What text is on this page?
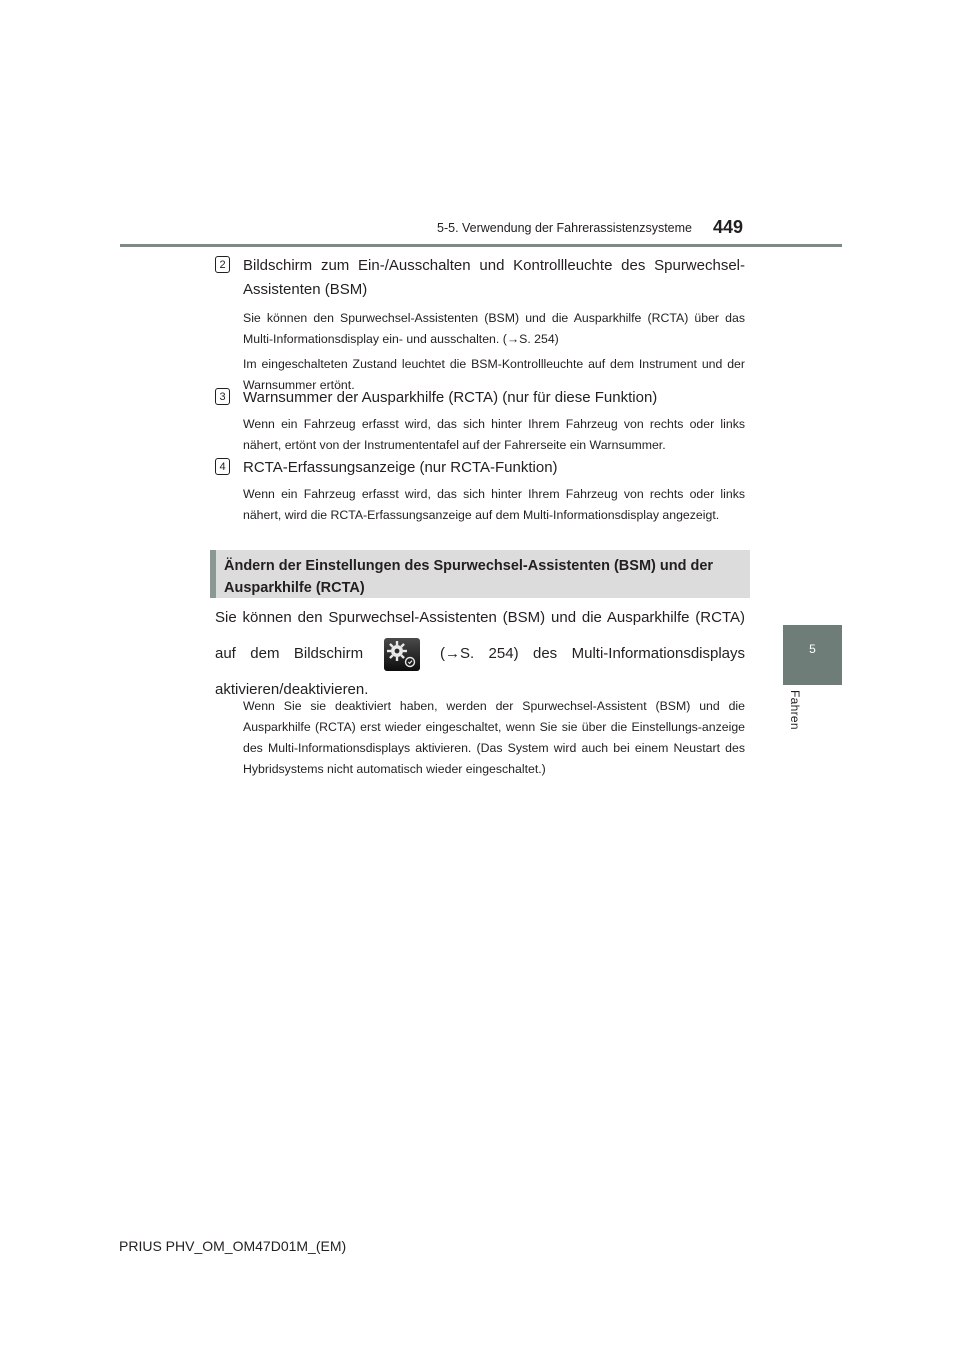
5-5. Verwendung der Fahrerassistenzsysteme 449
5
Fahren
2 Bildschirm zum Ein-/Ausschalten und Kontrollleuchte des Spurwechsel-Assistenten (BSM)
Sie können den Spurwechsel-Assistenten (BSM) und die Ausparkhilfe (RCTA) über das Multi-Informationsdisplay ein- und ausschalten. (→S. 254)
Im eingeschalteten Zustand leuchtet die BSM-Kontrollleuchte auf dem Instrument und der Warnsummer ertönt.
3 Warnsummer der Ausparkhilfe (RCTA) (nur für diese Funktion)
Wenn ein Fahrzeug erfasst wird, das sich hinter Ihrem Fahrzeug von rechts oder links nähert, ertönt von der Instrumententafel auf der Fahrerseite ein Warnsummer.
4 RCTA-Erfassungsanzeige (nur RCTA-Funktion)
Wenn ein Fahrzeug erfasst wird, das sich hinter Ihrem Fahrzeug von rechts oder links nähert, wird die RCTA-Erfassungsanzeige auf dem Multi-Informationsdisplay angezeigt.
Ändern der Einstellungen des Spurwechsel-Assistenten (BSM) und der Ausparkhilfe (RCTA)
Sie können den Spurwechsel-Assistenten (BSM) und die Ausparkhilfe (RCTA) auf dem Bildschirm	(→S. 254) des Multi-Informationsdisplays aktivieren/deaktivieren.
Wenn Sie sie deaktiviert haben, werden der Spurwechsel-Assistent (BSM) und die Ausparkhilfe (RCTA) erst wieder eingeschaltet, wenn Sie sie über die Einstellungs-anzeige des Multi-Informationsdisplays aktivieren. (Das System wird auch bei einem Neustart des Hybridsystems nicht automatisch wieder eingeschaltet.)
PRIUS PHV_OM_OM47D01M_(EM)
